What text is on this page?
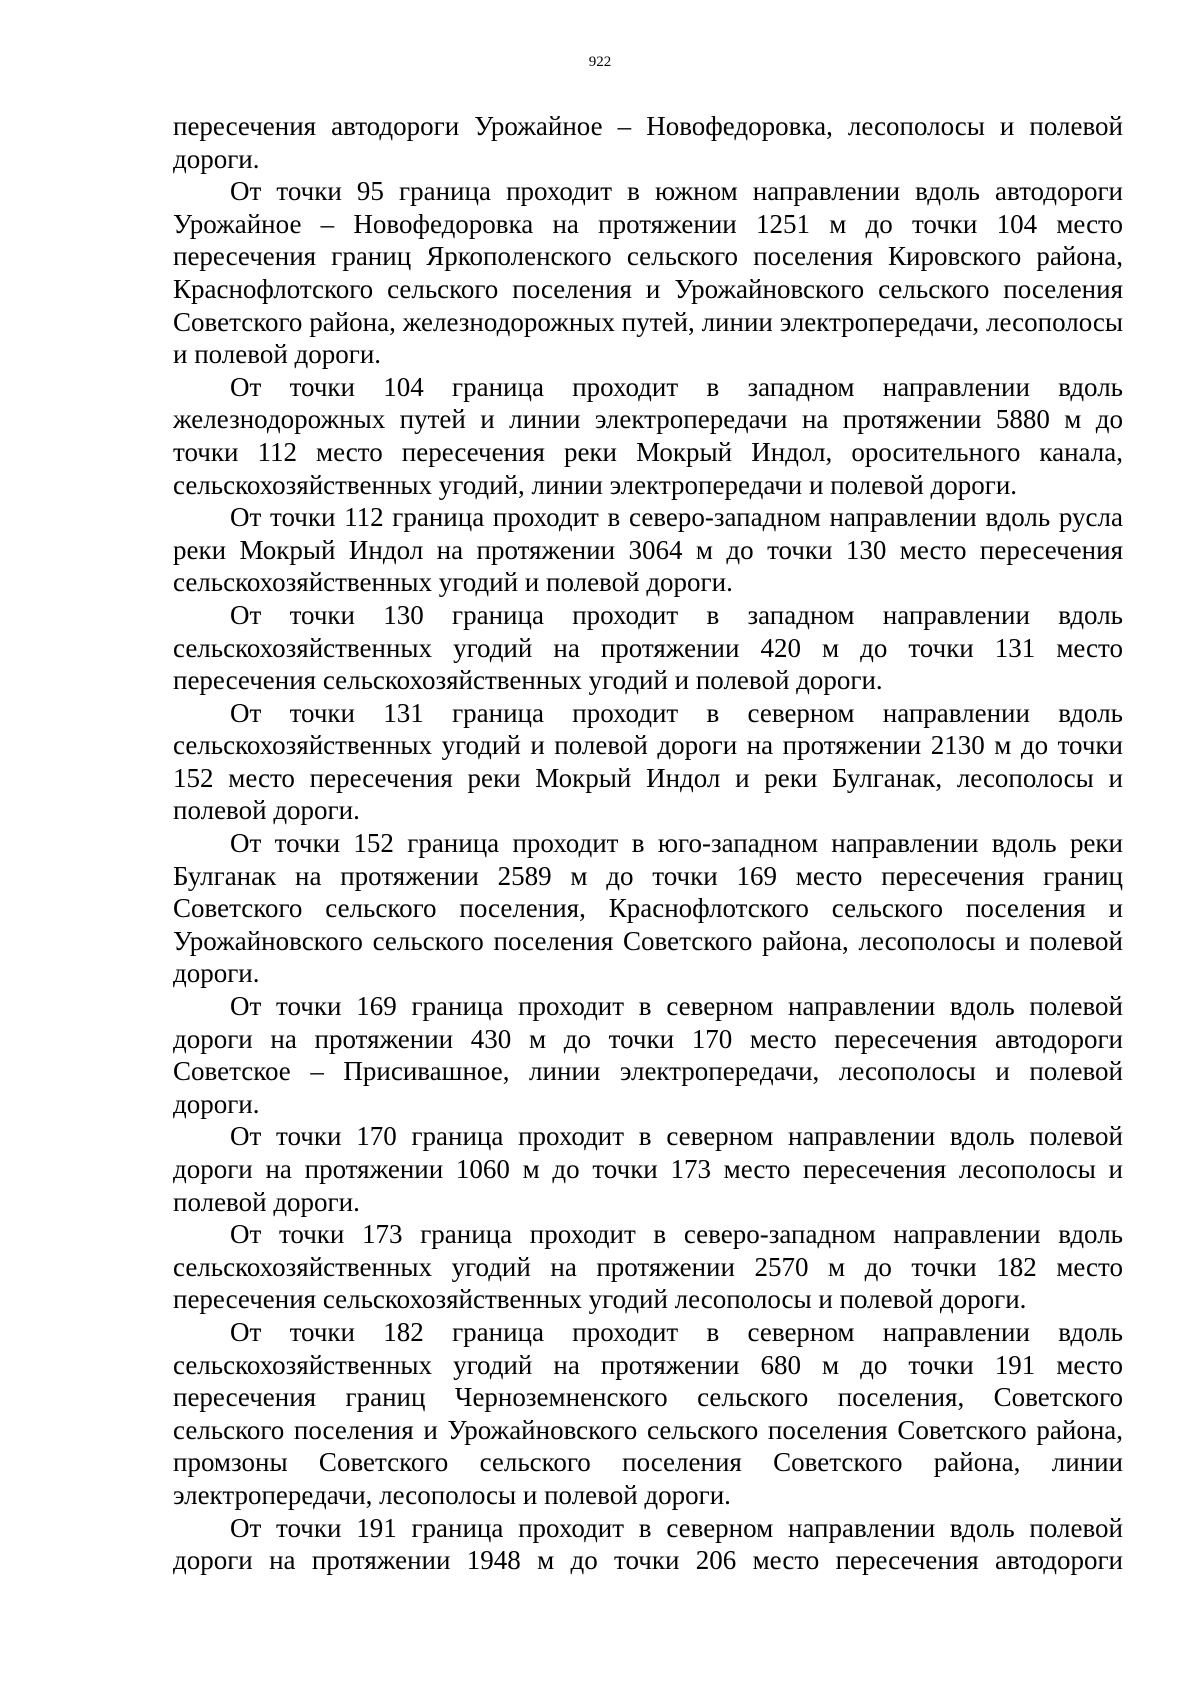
922

пересечения автодороги Урожайное – Новофедоровка, лесополосы и полевой дороги.

От точки 95 граница проходит в южном направлении вдоль автодороги Урожайное – Новофедоровка на протяжении 1251 м до точки 104 место пересечения границ Яркополенского сельского поселения Кировского района, Краснофлотского сельского поселения и Урожайновского сельского поселения Советского района, железнодорожных путей, линии электропередачи, лесополосы и полевой дороги.

От точки 104 граница проходит в западном направлении вдоль железнодорожных путей и линии электропередачи на протяжении 5880 м до точки 112 место пересечения реки Мокрый Индол, оросительного канала, сельскохозяйственных угодий, линии электропередачи и полевой дороги.

От точки 112 граница проходит в северо-западном направлении вдоль русла реки Мокрый Индол на протяжении 3064 м до точки 130 место пересечения сельскохозяйственных угодий и полевой дороги.

От точки 130 граница проходит в западном направлении вдоль сельскохозяйственных угодий на протяжении 420 м до точки 131 место пересечения сельскохозяйственных угодий и полевой дороги.

От точки 131 граница проходит в северном направлении вдоль сельскохозяйственных угодий и полевой дороги на протяжении 2130 м до точки 152 место пересечения реки Мокрый Индол и реки Булганак, лесополосы и полевой дороги.

От точки 152 граница проходит в юго-западном направлении вдоль реки Булганак на протяжении 2589 м до точки 169 место пересечения границ Советского сельского поселения, Краснофлотского сельского поселения и Урожайновского сельского поселения Советского района, лесополосы и полевой дороги.

От точки 169 граница проходит в северном направлении вдоль полевой дороги на протяжении 430 м до точки 170 место пересечения автодороги Советское – Присивашное, линии электропередачи, лесополосы и полевой дороги.

От точки 170 граница проходит в северном направлении вдоль полевой дороги на протяжении 1060 м до точки 173 место пересечения лесополосы и полевой дороги.

От точки 173 граница проходит в северо-западном направлении вдоль сельскохозяйственных угодий на протяжении 2570 м до точки 182 место пересечения сельскохозяйственных угодий лесополосы и полевой дороги.

От точки 182 граница проходит в северном направлении вдоль сельскохозяйственных угодий на протяжении 680 м до точки 191 место пересечения границ Черноземненского сельского поселения, Советского сельского поселения и Урожайновского сельского поселения Советского района, промзоны Советского сельского поселения Советского района, линии электропередачи, лесополосы и полевой дороги.

От точки 191 граница проходит в северном направлении вдоль полевой дороги на протяжении 1948 м до точки 206 место пересечения автодороги
